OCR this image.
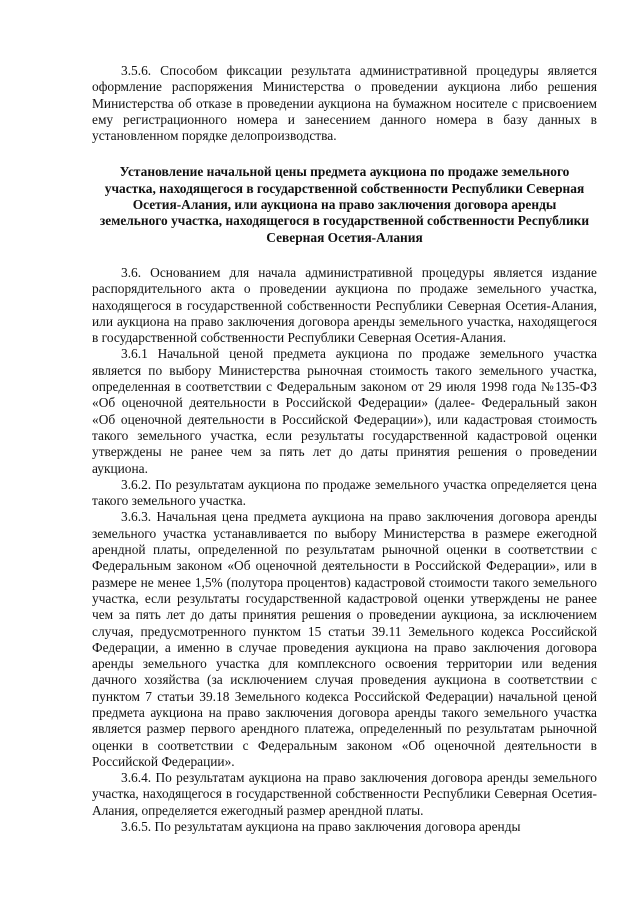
3.5.6. Способом фиксации результата административной процедуры является оформление распоряжения Министерства о проведении аукциона либо решения Министерства об отказе в проведении аукциона на бумажном носителе с присвоением ему регистрационного номера и занесением данного номера в базу данных в установленном порядке делопроизводства.

Установление начальной цены предмета аукциона по продаже земельного участка, находящегося в государственной собственности Республики Северная Осетия-Алания, или аукциона на право заключения договора аренды земельного участка, находящегося в государственной собственности Республики Северная Осетия-Алания

3.6. Основанием для начала административной процедуры является издание распорядительного акта о проведении аукциона по продаже земельного участка, находящегося в государственной собственности Республики Северная Осетия-Алания, или аукциона на право заключения договора аренды земельного участка, находящегося в государственной собственности Республики Северная Осетия-Алания.

3.6.1 Начальной ценой предмета аукциона по продаже земельного участка является по выбору Министерства рыночная стоимость такого земельного участка, определенная в соответствии с Федеральным законом от 29 июля 1998 года №135-ФЗ «Об оценочной деятельности в Российской Федерации» (далее- Федеральный закон «Об оценочной деятельности в Российской Федерации»), или кадастровая стоимость такого земельного участка, если результаты государственной кадастровой оценки утверждены не ранее чем за пять лет до даты принятия решения о проведении аукциона.

3.6.2. По результатам аукциона по продаже земельного участка определяется цена такого земельного участка.

3.6.3. Начальная цена предмета аукциона на право заключения договора аренды земельного участка устанавливается по выбору Министерства в размере ежегодной арендной платы, определенной по результатам рыночной оценки в соответствии с Федеральным законом «Об оценочной деятельности в Российской Федерации», или в размере не менее 1,5% (полутора процентов) кадастровой стоимости такого земельного участка, если результаты государственной кадастровой оценки утверждены не ранее чем за пять лет до даты принятия решения о проведении аукциона, за исключением случая, предусмотренного пунктом 15 статьи 39.11 Земельного кодекса Российской Федерации, а именно в случае проведения аукциона на право заключения договора аренды земельного участка для комплексного освоения территории или ведения дачного хозяйства (за исключением случая проведения аукциона в соответствии с пунктом 7 статьи 39.18 Земельного кодекса Российской Федерации) начальной ценой предмета аукциона на право заключения договора аренды такого земельного участка является размер первого арендного платежа, определенный по результатам рыночной оценки в соответствии с Федеральным законом «Об оценочной деятельности в Российской Федерации».

3.6.4. По результатам аукциона на право заключения договора аренды земельного участка, находящегося в государственной собственности Республики Северная Осетия-Алания, определяется ежегодный размер арендной платы.

3.6.5. По результатам аукциона на право заключения договора аренды
